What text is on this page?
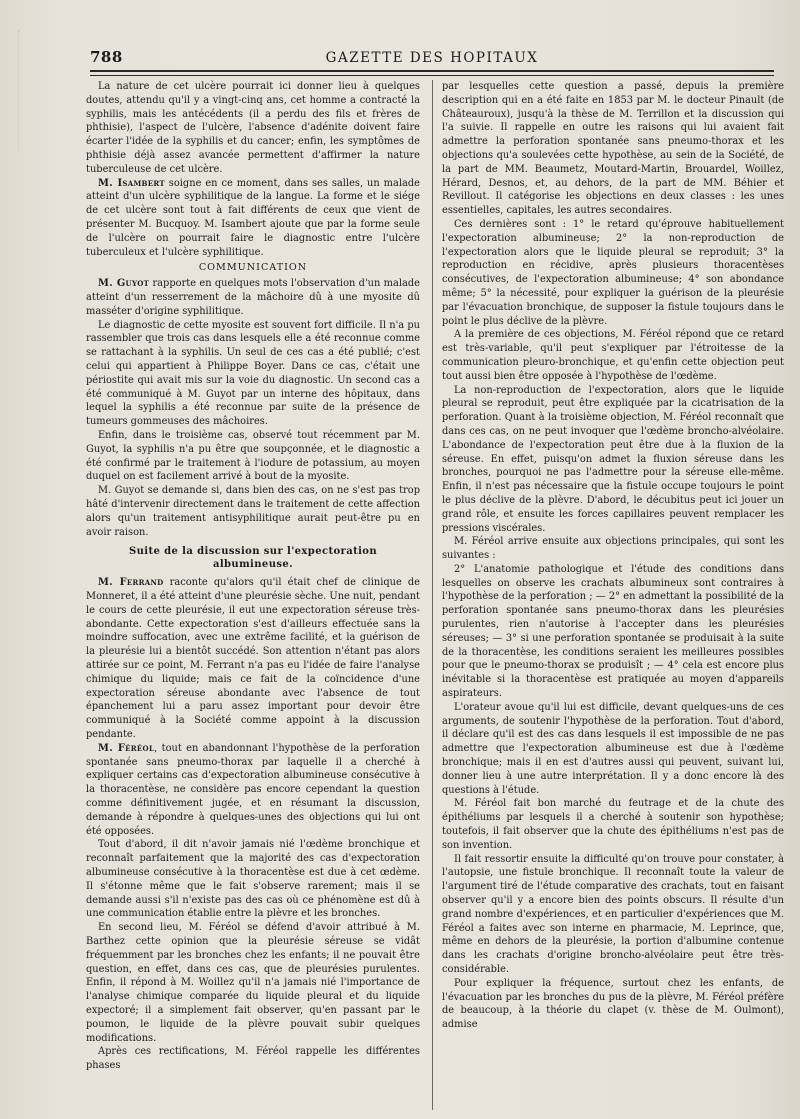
788	GAZETTE DES HOPITAUX

La nature de cet ulcère pourrait ici donner lieu à quelques doutes, attendu qu'il y a vingt-cinq ans, cet homme a contracté la syphilis, mais les antécédents (il a perdu des fils et frères de phthisie), l'aspect de l'ulcère, l'absence d'adénite doivent faire écarter l'idée de la syphilis et du cancer; enfin, les symptômes de phthisie déjà assez avancée permettent d'affirmer la nature tuberculeuse de cet ulcère.

M. Isambert soigne en ce moment, dans ses salles, un malade atteint d'un ulcère syphilitique de la langue. La forme et le siége de cet ulcère sont tout à fait différents de ceux que vient de présenter M. Bucquoy. M. Isambert ajoute que par la forme seule de l'ulcère on pourrait faire le diagnostic entre l'ulcère tuberculeux et l'ulcère syphilitique.

COMMUNICATION

M. Guyot rapporte en quelques mots l'observation d'un malade atteint d'un resserrement de la mâchoire dû à une myosite dû masséter d'origine syphilitique.

Le diagnostic de cette myosite est souvent fort difficile. Il n'a pu rassembler que trois cas dans lesquels elle a été reconnue comme se rattachant à la syphilis. Un seul de ces cas a été publié; c'est celui qui appartient à Philippe Boyer. Dans ce cas, c'était une périostite qui avait mis sur la voie du diagnostic. Un second cas a été communiqué à M. Guyot par un interne des hôpitaux, dans lequel la syphilis a été reconnue par suite de la présence de tumeurs gommeuses des mâchoires.

Enfin, dans le troisième cas, observé tout récemment par M. Guyot, la syphilis n'a pu être que soupçonnée, et le diagnostic a été confirmé par le traitement à l'iodure de potassium, au moyen duquel on est facilement arrivé à bout de la myosite.

M. Guyot se demande si, dans bien des cas, on ne s'est pas trop hâté d'intervenir directement dans le traitement de cette affection alors qu'un traitement antisyphilitique aurait peut-être pu en avoir raison.

Suite de la discussion sur l'expectoration
albumineuse.

M. Ferrand raconte qu'alors qu'il était chef de clinique de Monneret, il a été atteint d'une pleurésie sèche. Une nuit, pendant le cours de cette pleurésie, il eut une expectoration séreuse très-abondante. Cette expectoration s'est d'ailleurs effectuée sans la moindre suffocation, avec une extrême facilité, et la guérison de la pleurésie lui a bientôt succédé. Son attention n'étant pas alors attirée sur ce point, M. Ferrant n'a pas eu l'idée de faire l'analyse chimique du liquide; mais ce fait de la coïncidence d'une expectoration séreuse abondante avec l'absence de tout épanchement lui a paru assez important pour devoir être communiqué à la Société comme appoint à la discussion pendante.

M. Féréol, tout en abandonnant l'hypothèse de la perforation spontanée sans pneumo-thorax par laquelle il a cherché à expliquer certains cas d'expectoration albumineuse consécutive à la thoracentèse, ne considère pas encore cependant la question comme définitivement jugée, et en résumant la discussion, demande à répondre à quelques-unes des objections qui lui ont été opposées.

Tout d'abord, il dit n'avoir jamais nié l'œdème bronchique et reconnaît parfaitement que la majorité des cas d'expectoration albumineuse consécutive à la thoracentèse est due à cet œdème. Il s'étonne même que le fait s'observe rarement; mais il se demande aussi s'il n'existe pas des cas où ce phénomène est dû à une communication établie entre la plèvre et les bronches.

En second lieu, M. Féréol se défend d'avoir attribué à M. Barthez cette opinion que la pleurésie séreuse se vidât fréquemment par les bronches chez les enfants; il ne pouvait être question, en effet, dans ces cas, que de pleurésies purulentes. Enfin, il répond à M. Woillez qu'il n'a jamais nié l'importance de l'analyse chimique comparée du liquide pleural et du liquide expectoré; il a simplement fait observer, qu'en passant par le poumon, le liquide de la plèvre pouvait subir quelques modifications.

Après ces rectifications, M. Féréol rappelle les différentes phases

par lesquelles cette question a passé, depuis la première description qui en a été faite en 1853 par M. le docteur Pinault (de Châteauroux), jusqu'à la thèse de M. Terrillon et la discussion qui l'a suivie. Il rappelle en outre les raisons qui lui avaient fait admettre la perforation spontanée sans pneumo-thorax et les objections qu'a soulevées cette hypothèse, au sein de la Société, de la part de MM. Beaumetz, Moutard-Martin, Brouardel, Woillez, Hérard, Desnos, et, au dehors, de la part de MM. Béhier et Revillout. Il catégorise les objections en deux classes : les unes essentielles, capitales, les autres secondaires.

Ces dernières sont : 1° le retard qu'éprouve habituellement l'expectoration albumineuse; 2° la non-reproduction de l'expectoration alors que le liquide pleural se reproduit; 3° la reproduction en récidive, après plusieurs thoracentèses consécutives, de l'expectoration albumineuse; 4° son abondance même; 5° la nécessité, pour expliquer la guérison de la pleurésie par l'évacuation bronchique, de supposer la fistule toujours dans le point le plus déclive de la plèvre.

A la première de ces objections, M. Féréol répond que ce retard est très-variable, qu'il peut s'expliquer par l'étroitesse de la communication pleuro-bronchique, et qu'enfin cette objection peut tout aussi bien être opposée à l'hypothèse de l'œdème.

La non-reproduction de l'expectoration, alors que le liquide pleural se reproduit, peut être expliquée par la cicatrisation de la perforation. Quant à la troisième objection, M. Féréol reconnaît que dans ces cas, on ne peut invoquer que l'œdème broncho-alvéolaire. L'abondance de l'expectoration peut être due à la fluxion de la séreuse. En effet, puisqu'on admet la fluxion séreuse dans les bronches, pourquoi ne pas l'admettre pour la séreuse elle-même. Enfin, il n'est pas nécessaire que la fistule occupe toujours le point le plus déclive de la plèvre. D'abord, le décubitus peut ici jouer un grand rôle, et ensuite les forces capillaires peuvent remplacer les pressions viscérales.

M. Féréol arrive ensuite aux objections principales, qui sont les suivantes :

2° L'anatomie pathologique et l'étude des conditions dans lesquelles on observe les crachats albumineux sont contraires à l'hypothèse de la perforation ; — 2° en admettant la possibilité de la perforation spontanée sans pneumo-thorax dans les pleurésies purulentes, rien n'autorise à l'accepter dans les pleurésies séreuses; — 3° si une perforation spontanée se produisait à la suite de la thoracentèse, les conditions seraient les meilleures possibles pour que le pneumo-thorax se produisît ; — 4° cela est encore plus inévitable si la thoracentèse est pratiquée au moyen d'appareils aspirateurs.

L'orateur avoue qu'il lui est difficile, devant quelques-uns de ces arguments, de soutenir l'hypothèse de la perforation. Tout d'abord, il déclare qu'il est des cas dans lesquels il est impossible de ne pas admettre que l'expectoration albumineuse est due à l'œdème bronchique; mais il en est d'autres aussi qui peuvent, suivant lui, donner lieu à une autre interprétation. Il y a donc encore là des questions à l'étude.

M. Féréol fait bon marché du feutrage et de la chute des épithéliums par lesquels il a cherché à soutenir son hypothèse; toutefois, il fait observer que la chute des épithéliums n'est pas de son invention.

Il fait ressortir ensuite la difficulté qu'on trouve pour constater, à l'autopsie, une fistule bronchique. Il reconnaît toute la valeur de l'argument tiré de l'étude comparative des crachats, tout en faisant observer qu'il y a encore bien des points obscurs. Il résulte d'un grand nombre d'expériences, et en particulier d'expériences que M. Féréol a faites avec son interne en pharmacie, M. Leprince, que, même en dehors de la pleurésie, la portion d'albumine contenue dans les crachats d'origine broncho-alvéolaire peut être très-considérable.

Pour expliquer la fréquence, surtout chez les enfants, de l'évacuation par les bronches du pus de la plèvre, M. Féréol préfère de beaucoup, à la théorie du clapet (v. thèse de M. Oulmont), admise
